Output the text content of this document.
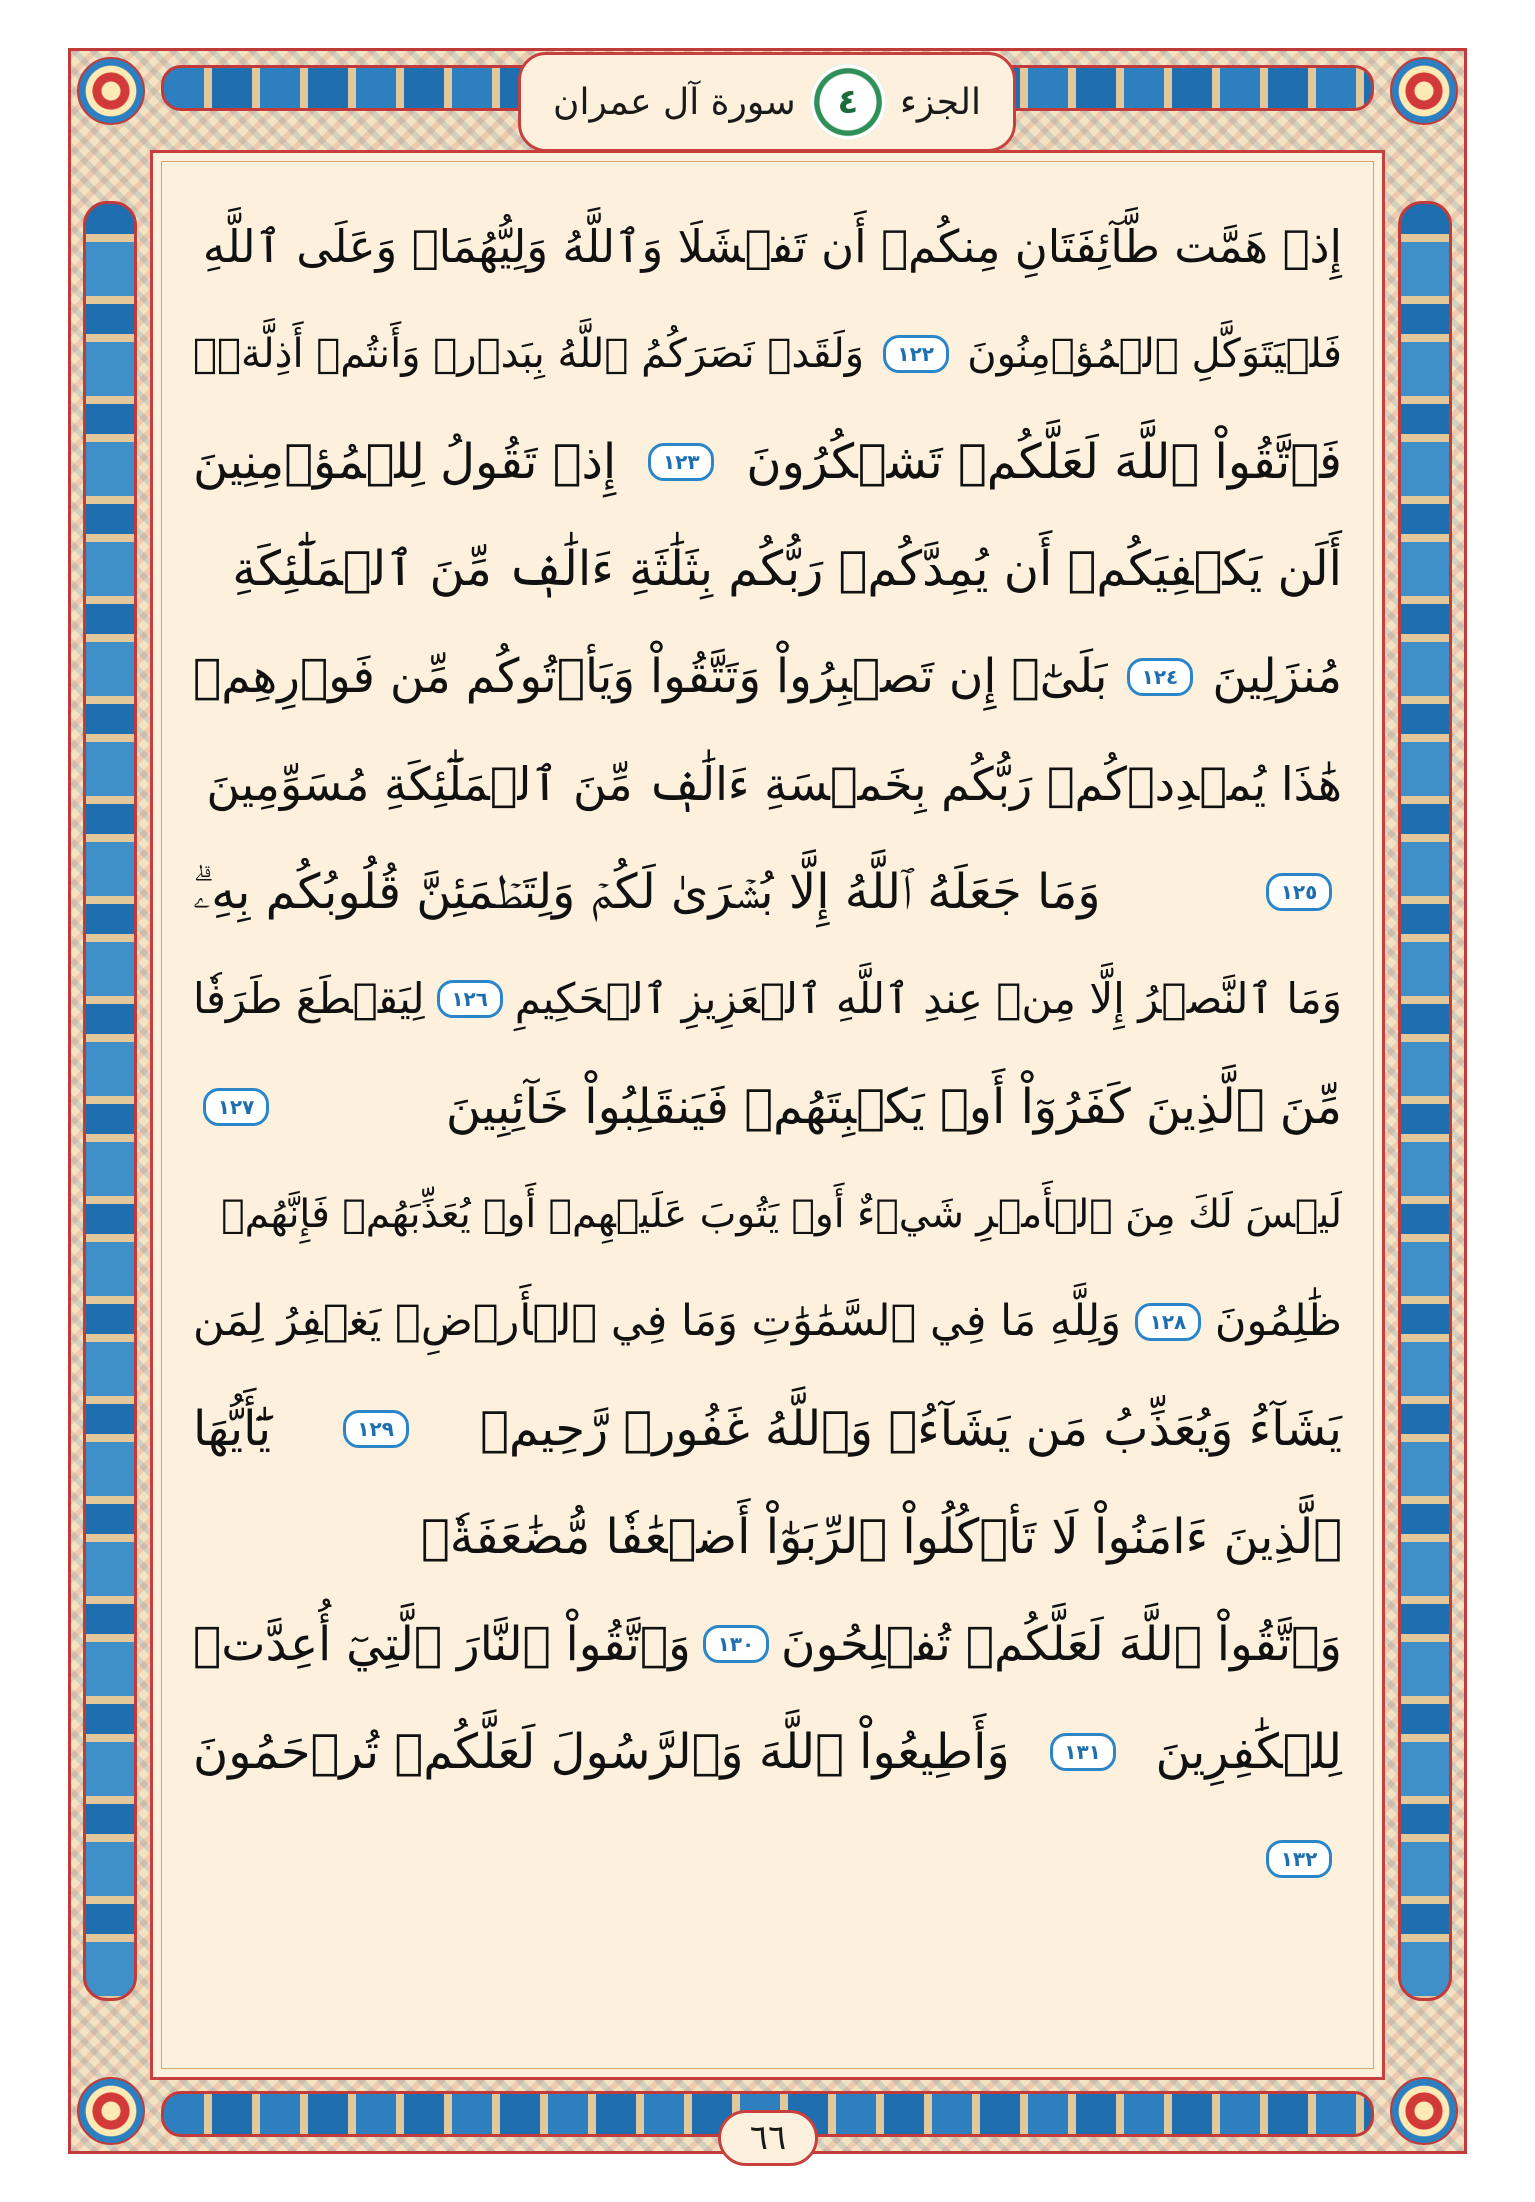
سورة آل عمران ٤ الجزء
إِذۡ هَمَّت طَّآئِفَتَانِ مِنكُمۡ أَن تَفۡشَلَا وَٱللَّهُ وَلِيُّهُمَاۗ وَعَلَى ٱللَّهِ
فَلۡيَتَوَكَّلِ ٱلۡمُؤۡمِنُونَ
١٢٢
وَلَقَدۡ نَصَرَكُمُ ٱللَّهُ بِبَدۡرٖ وَأَنتُمۡ أَذِلَّةٞۖ
فَٱتَّقُواْ ٱللَّهَ لَعَلَّكُمۡ تَشۡكُرُونَ
١٢٣
إِذۡ تَقُولُ لِلۡمُؤۡمِنِينَ
أَلَن يَكۡفِيَكُمۡ أَن يُمِدَّكُمۡ رَبُّكُم بِثَلَٰثَةِ ءَالَٰفٖ مِّنَ ٱلۡمَلَٰٓئِكَةِ
مُنزَلِينَ
١٢٤
بَلَىٰٓۚ إِن تَصۡبِرُواْ وَتَتَّقُواْ وَيَأۡتُوكُم مِّن فَوۡرِهِمۡ
هَٰذَا يُمۡدِدۡكُمۡ رَبُّكُم بِخَمۡسَةِ ءَالَٰفٖ مِّنَ ٱلۡمَلَٰٓئِكَةِ مُسَوِّمِينَ
١٢٥
وَمَا جَعَلَهُ ٱللَّهُ إِلَّا بُشۡرَىٰ لَكُمۡ وَلِتَطۡمَئِنَّ قُلُوبُكُم بِهِۦۗ
وَمَا ٱلنَّصۡرُ إِلَّا مِنۡ عِندِ ٱللَّهِ ٱلۡعَزِيزِ ٱلۡحَكِيمِ
١٢٦
لِيَقۡطَعَ طَرَفٗا
مِّنَ ٱلَّذِينَ كَفَرُوٓاْ أَوۡ يَكۡبِتَهُمۡ فَيَنقَلِبُواْ خَآئِبِينَ
١٢٧
لَيۡسَ لَكَ مِنَ ٱلۡأَمۡرِ شَيۡءٌ أَوۡ يَتُوبَ عَلَيۡهِمۡ أَوۡ يُعَذِّبَهُمۡ فَإِنَّهُمۡ
ظَٰلِمُونَ
١٢٨
وَلِلَّهِ مَا فِي ٱلسَّمَٰوَٰتِ وَمَا فِي ٱلۡأَرۡضِۚ يَغۡفِرُ لِمَن
يَشَآءُ وَيُعَذِّبُ مَن يَشَآءُۚ وَٱللَّهُ غَفُورٞ رَّحِيمٞ
١٢٩
يَٰٓأَيُّهَا
ٱلَّذِينَ ءَامَنُواْ لَا تَأۡكُلُواْ ٱلرِّبَوٰٓاْ أَضۡعَٰفٗا مُّضَٰعَفَةٗۖ
وَٱتَّقُواْ ٱللَّهَ لَعَلَّكُمۡ تُفۡلِحُونَ
١٣٠
وَٱتَّقُواْ ٱلنَّارَ ٱلَّتِيٓ أُعِدَّتۡ
لِلۡكَٰفِرِينَ
١٣١
وَأَطِيعُواْ ٱللَّهَ وَٱلرَّسُولَ لَعَلَّكُمۡ تُرۡحَمُونَ
١٣٢
٦٦
